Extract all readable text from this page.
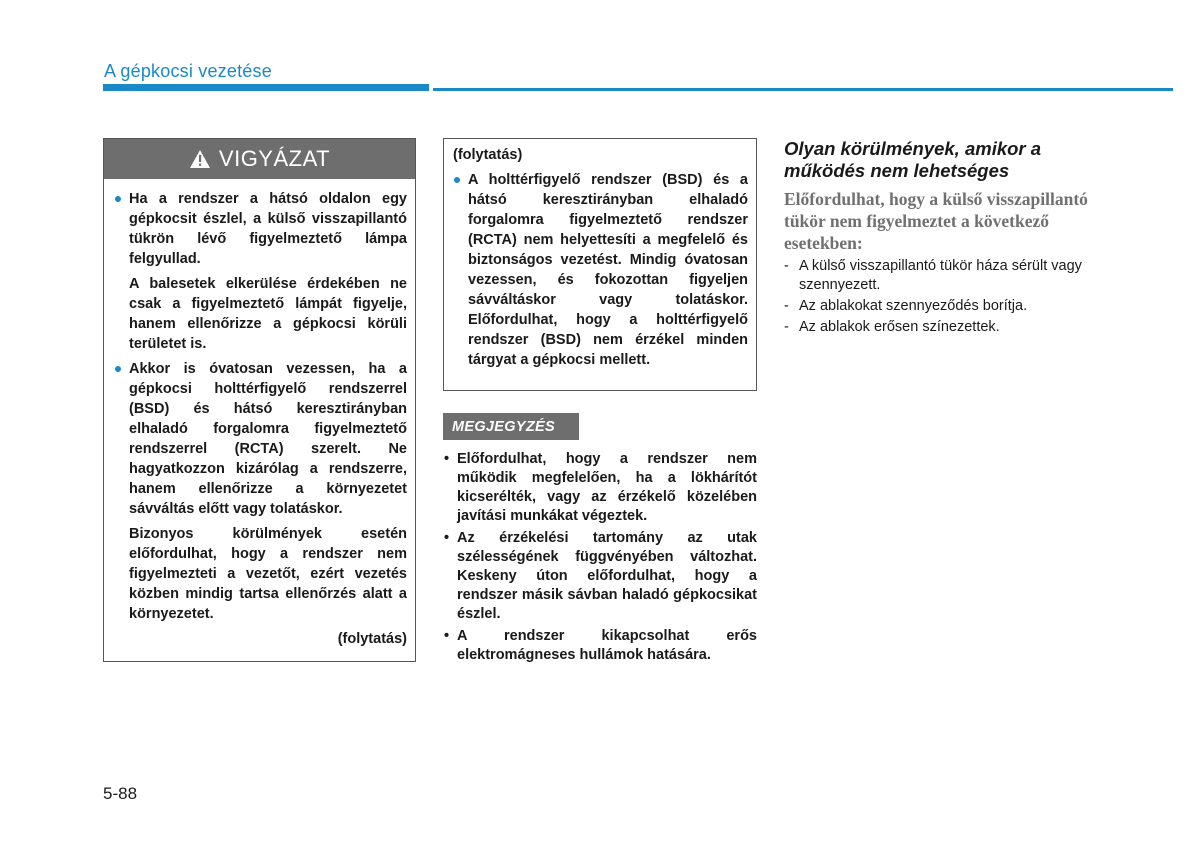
A gépkocsi vezetése
VIGYÁZAT
Ha a rendszer a hátsó oldalon egy gépkocsit észlel, a külső visszapillantó tükrön lévő figyelmeztető lámpa felgyullad.
A balesetek elkerülése érdekében ne csak a figyelmeztető lámpát figyelje, hanem ellenőrizze a gépkocsi körüli területet is.
Akkor is óvatosan vezessen, ha a gépkocsi holttérfigyelő rendszerrel (BSD) és hátsó keresztirányban elhaladó forgalomra figyelmeztető rendszerrel (RCTA) szerelt. Ne hagyatkozzon kizárólag a rendszerre, hanem ellenőrizze a környezetet sávváltás előtt vagy tolatáskor.
Bizonyos körülmények esetén előfordulhat, hogy a rendszer nem figyelmezteti a vezetőt, ezért vezetés közben mindig tartsa ellenőrzés alatt a környezetet.
(folytatás)
(folytatás)
A holttérfigyelő rendszer (BSD) és a hátsó keresztirányban elhaladó forgalomra figyelmeztető rendszer (RCTA) nem helyettesíti a megfelelő és biztonságos vezetést. Mindig óvatosan vezessen, és fokozottan figyeljen sávváltáskor vagy tolatáskor. Előfordulhat, hogy a holttérfigyelő rendszer (BSD) nem érzékel minden tárgyat a gépkocsi mellett.
MEGJEGYZÉS
• Előfordulhat, hogy a rendszer nem működik megfelelően, ha a lökhárítót kicserélték, vagy az érzékelő közelében javítási munkákat végeztek.
• Az érzékelési tartomány az utak szélességének függvényében változhat. Keskeny úton előfordulhat, hogy a rendszer másik sávban haladó gépkocsikat észlel.
• A rendszer kikapcsolhat erős elektromágneses hullámok hatására.
Olyan körülmények, amikor a működés nem lehetséges
Előfordulhat, hogy a külső visszapillantó tükör nem figyelmeztet a következő esetekben:
- A külső visszapillantó tükör háza sérült vagy szennyezett.
- Az ablakokat szennyeződés borítja.
- Az ablakok erősen színezettek.
5-88
